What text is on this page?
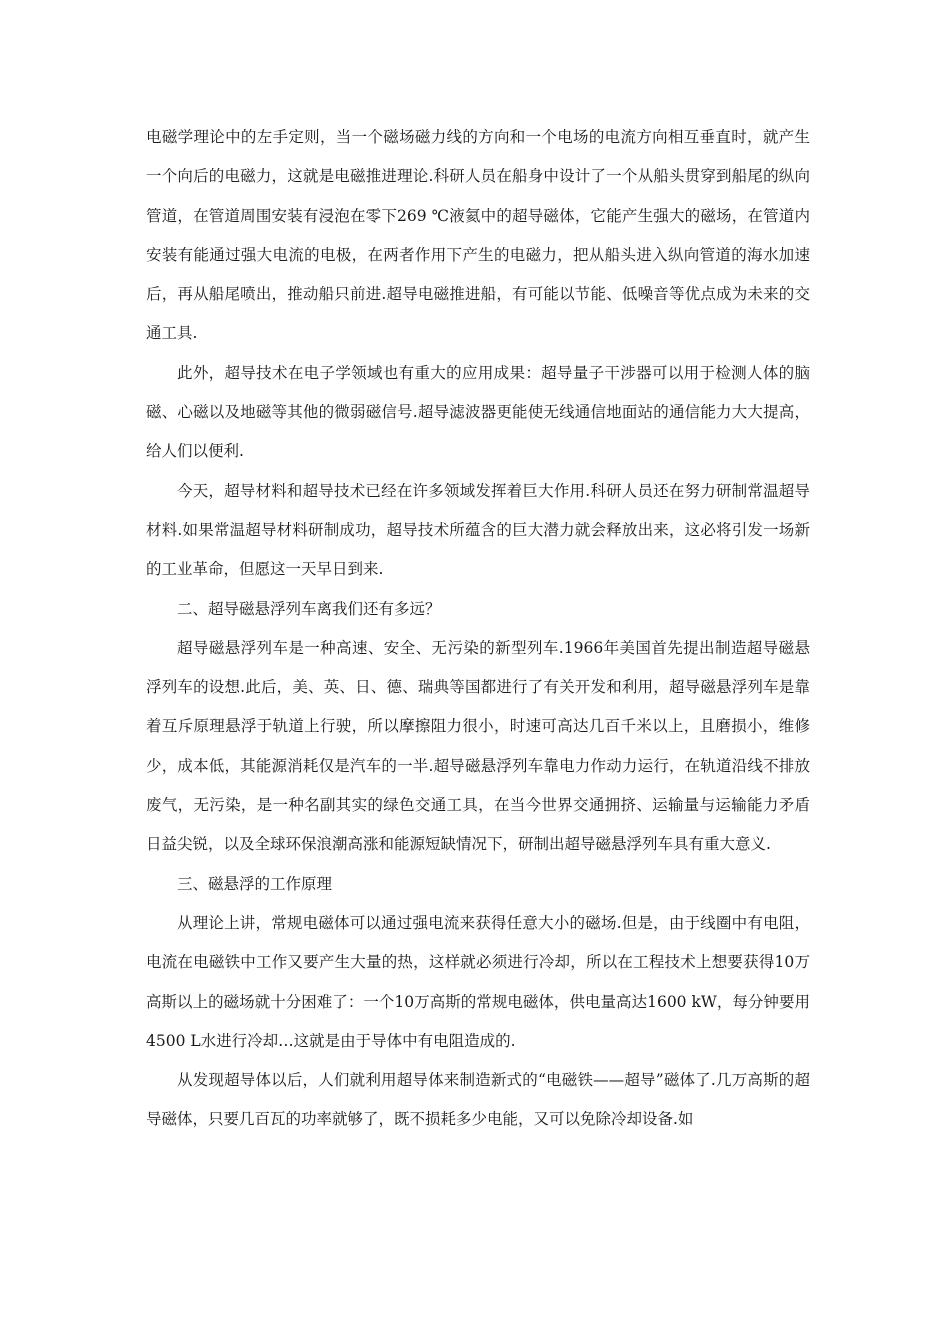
电磁学理论中的左手定则，当一个磁场磁力线的方向和一个电场的电流方向相互垂直时，就产生一个向后的电磁力，这就是电磁推进理论.科研人员在船身中设计了一个从船头贯穿到船尾的纵向管道，在管道周围安装有浸泡在零下269 ℃液氦中的超导磁体，它能产生强大的磁场，在管道内安装有能通过强大电流的电极，在两者作用下产生的电磁力，把从船头进入纵向管道的海水加速后，再从船尾喷出，推动船只前进.超导电磁推进船，有可能以节能、低噪音等优点成为未来的交通工具.

此外，超导技术在电子学领域也有重大的应用成果：超导量子干涉器可以用于检测人体的脑磁、心磁以及地磁等其他的微弱磁信号.超导滤波器更能使无线通信地面站的通信能力大大提高，给人们以便利.

今天，超导材料和超导技术已经在许多领域发挥着巨大作用.科研人员还在努力研制常温超导材料.如果常温超导材料研制成功，超导技术所蕴含的巨大潜力就会释放出来，这必将引发一场新的工业革命，但愿这一天早日到来.

二、超导磁悬浮列车离我们还有多远？

超导磁悬浮列车是一种高速、安全、无污染的新型列车.1966年美国首先提出制造超导磁悬浮列车的设想.此后，美、英、日、德、瑞典等国都进行了有关开发和利用，超导磁悬浮列车是靠着互斥原理悬浮于轨道上行驶，所以摩擦阻力很小，时速可高达几百千米以上，且磨损小，维修少，成本低，其能源消耗仅是汽车的一半.超导磁悬浮列车靠电力作动力运行，在轨道沿线不排放废气，无污染，是一种名副其实的绿色交通工具，在当今世界交通拥挤、运输量与运输能力矛盾日益尖锐，以及全球环保浪潮高涨和能源短缺情况下，研制出超导磁悬浮列车具有重大意义.

三、磁悬浮的工作原理

从理论上讲，常规电磁体可以通过强电流来获得任意大小的磁场.但是，由于线圈中有电阻，电流在电磁铁中工作又要产生大量的热，这样就必须进行冷却，所以在工程技术上想要获得10万高斯以上的磁场就十分困难了：一个10万高斯的常规电磁体，供电量高达1600 kW，每分钟要用4500 L水进行冷却…这就是由于导体中有电阻造成的.

从发现超导体以后，人们就利用超导体来制造新式的“电磁铁——超导”磁体了.几万高斯的超导磁体，只要几百瓦的功率就够了，既不损耗多少电能，又可以免除冷却设备.如
